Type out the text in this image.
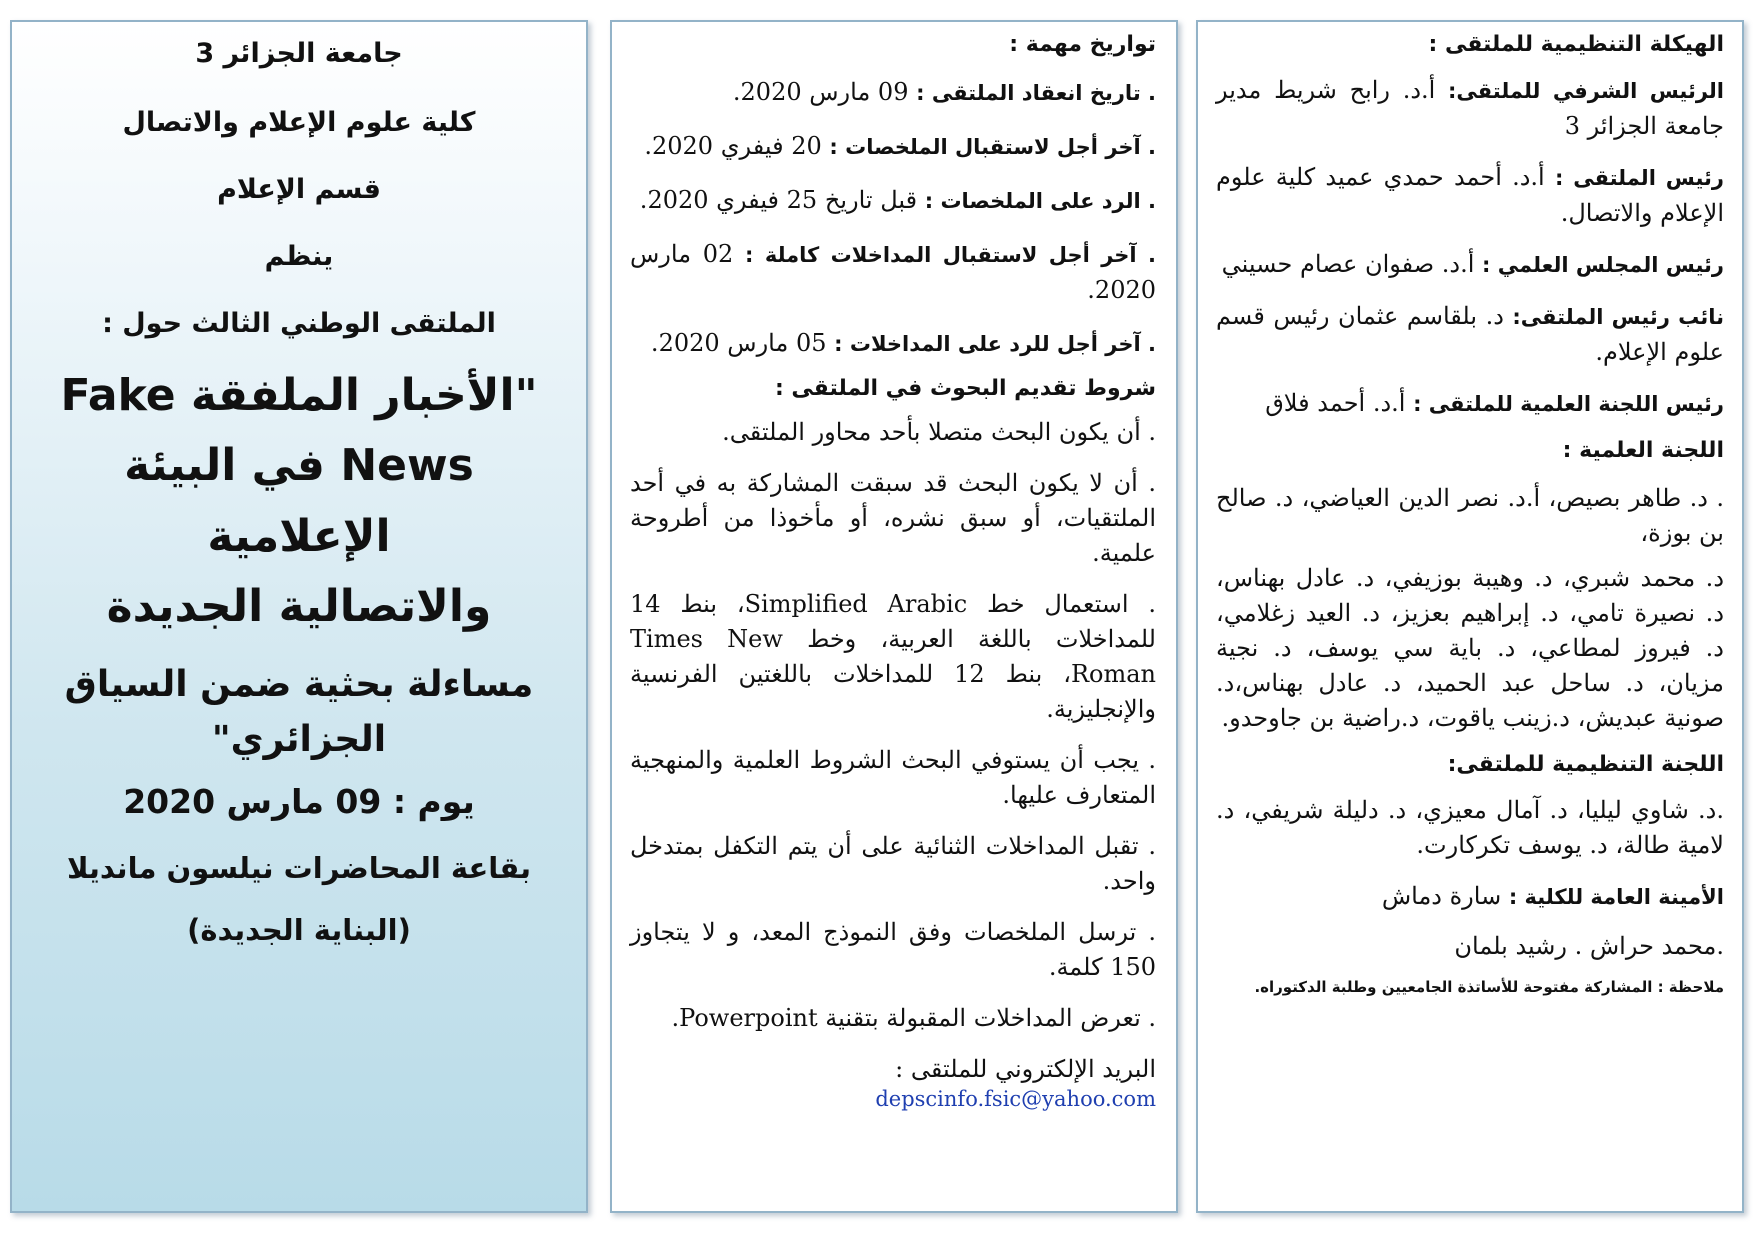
جامعة الجزائر 3

كلية علوم الإعلام والاتصال

قسم الإعلام

ينظم

الملتقى الوطني الثالث حول :

"الأخبار الملفقة Fake

News في البيئة الإعلامية

والاتصالية الجديدة

مساءلة بحثية ضمن السياق

الجزائري"

يوم : 09 مارس 2020

بقاعة المحاضرات نيلسون مانديلا

(البناية الجديدة)

تواريخ مهمة :

. تاريخ انعقاد الملتقى : 09 مارس 2020.

. آخر أجل لاستقبال الملخصات : 20 فيفري 2020.

. الرد على الملخصات : قبل تاريخ 25 فيفري 2020.

. آخر أجل لاستقبال المداخلات كاملة : 02 مارس 2020.

. آخر أجل للرد على المداخلات : 05 مارس 2020.

شروط تقديم البحوث في الملتقى :

. أن يكون البحث متصلا بأحد محاور الملتقى.

. أن لا يكون البحث قد سبقت المشاركة به في أحد الملتقيات، أو سبق نشره، أو مأخوذا من أطروحة علمية.

. استعمال خط Simplified Arabic، بنط 14 للمداخلات باللغة العربية، وخط Times New Roman، بنط 12 للمداخلات باللغتين الفرنسية والإنجليزية.

. يجب أن يستوفي البحث الشروط العلمية والمنهجية المتعارف عليها.

. تقبل المداخلات الثنائية على أن يتم التكفل بمتدخل واحد.

. ترسل الملخصات وفق النموذج المعد، و لا يتجاوز 150 كلمة.

. تعرض المداخلات المقبولة بتقنية Powerpoint.

البريد الإلكتروني للملتقى :

depscinfo.fsic@yahoo.com

الهيكلة التنظيمية للملتقى :

الرئيس الشرفي للملتقى: أ.د. رابح شريط مدير جامعة الجزائر 3

رئيس الملتقى : أ.د. أحمد حمدي عميد كلية علوم الإعلام والاتصال.

رئيس المجلس العلمي : أ.د. صفوان عصام حسيني

نائب رئيس الملتقى: د. بلقاسم عثمان رئيس قسم علوم الإعلام.

رئيس اللجنة العلمية للملتقى : أ.د. أحمد فلاق

اللجنة العلمية :

. د. طاهر بصيص، أ.د. نصر الدين العياضي، د. صالح بن بوزة،

د. محمد شبري، د. وهيبة بوزيفي، د. عادل بهناس، د. نصيرة تامي، د. إبراهيم بعزيز، د. العيد زغلامي، د. فيروز لمطاعي، د. باية سي يوسف، د. نجية مزيان، د. ساحل عبد الحميد، د. عادل بهناس،د. صونية عبديش، د.زينب ياقوت، د.راضية بن جاوحدو.

اللجنة التنظيمية للملتقى:

.د. شاوي ليليا، د. آمال معيزي، د. دليلة شريفي، د. لامية طالة، د. يوسف تكركارت.

الأمينة العامة للكلية : سارة دماش

.محمد حراش . رشيد بلمان

ملاحظة : المشاركة مفتوحة للأساتذة الجامعيين وطلبة الدكتوراه.
